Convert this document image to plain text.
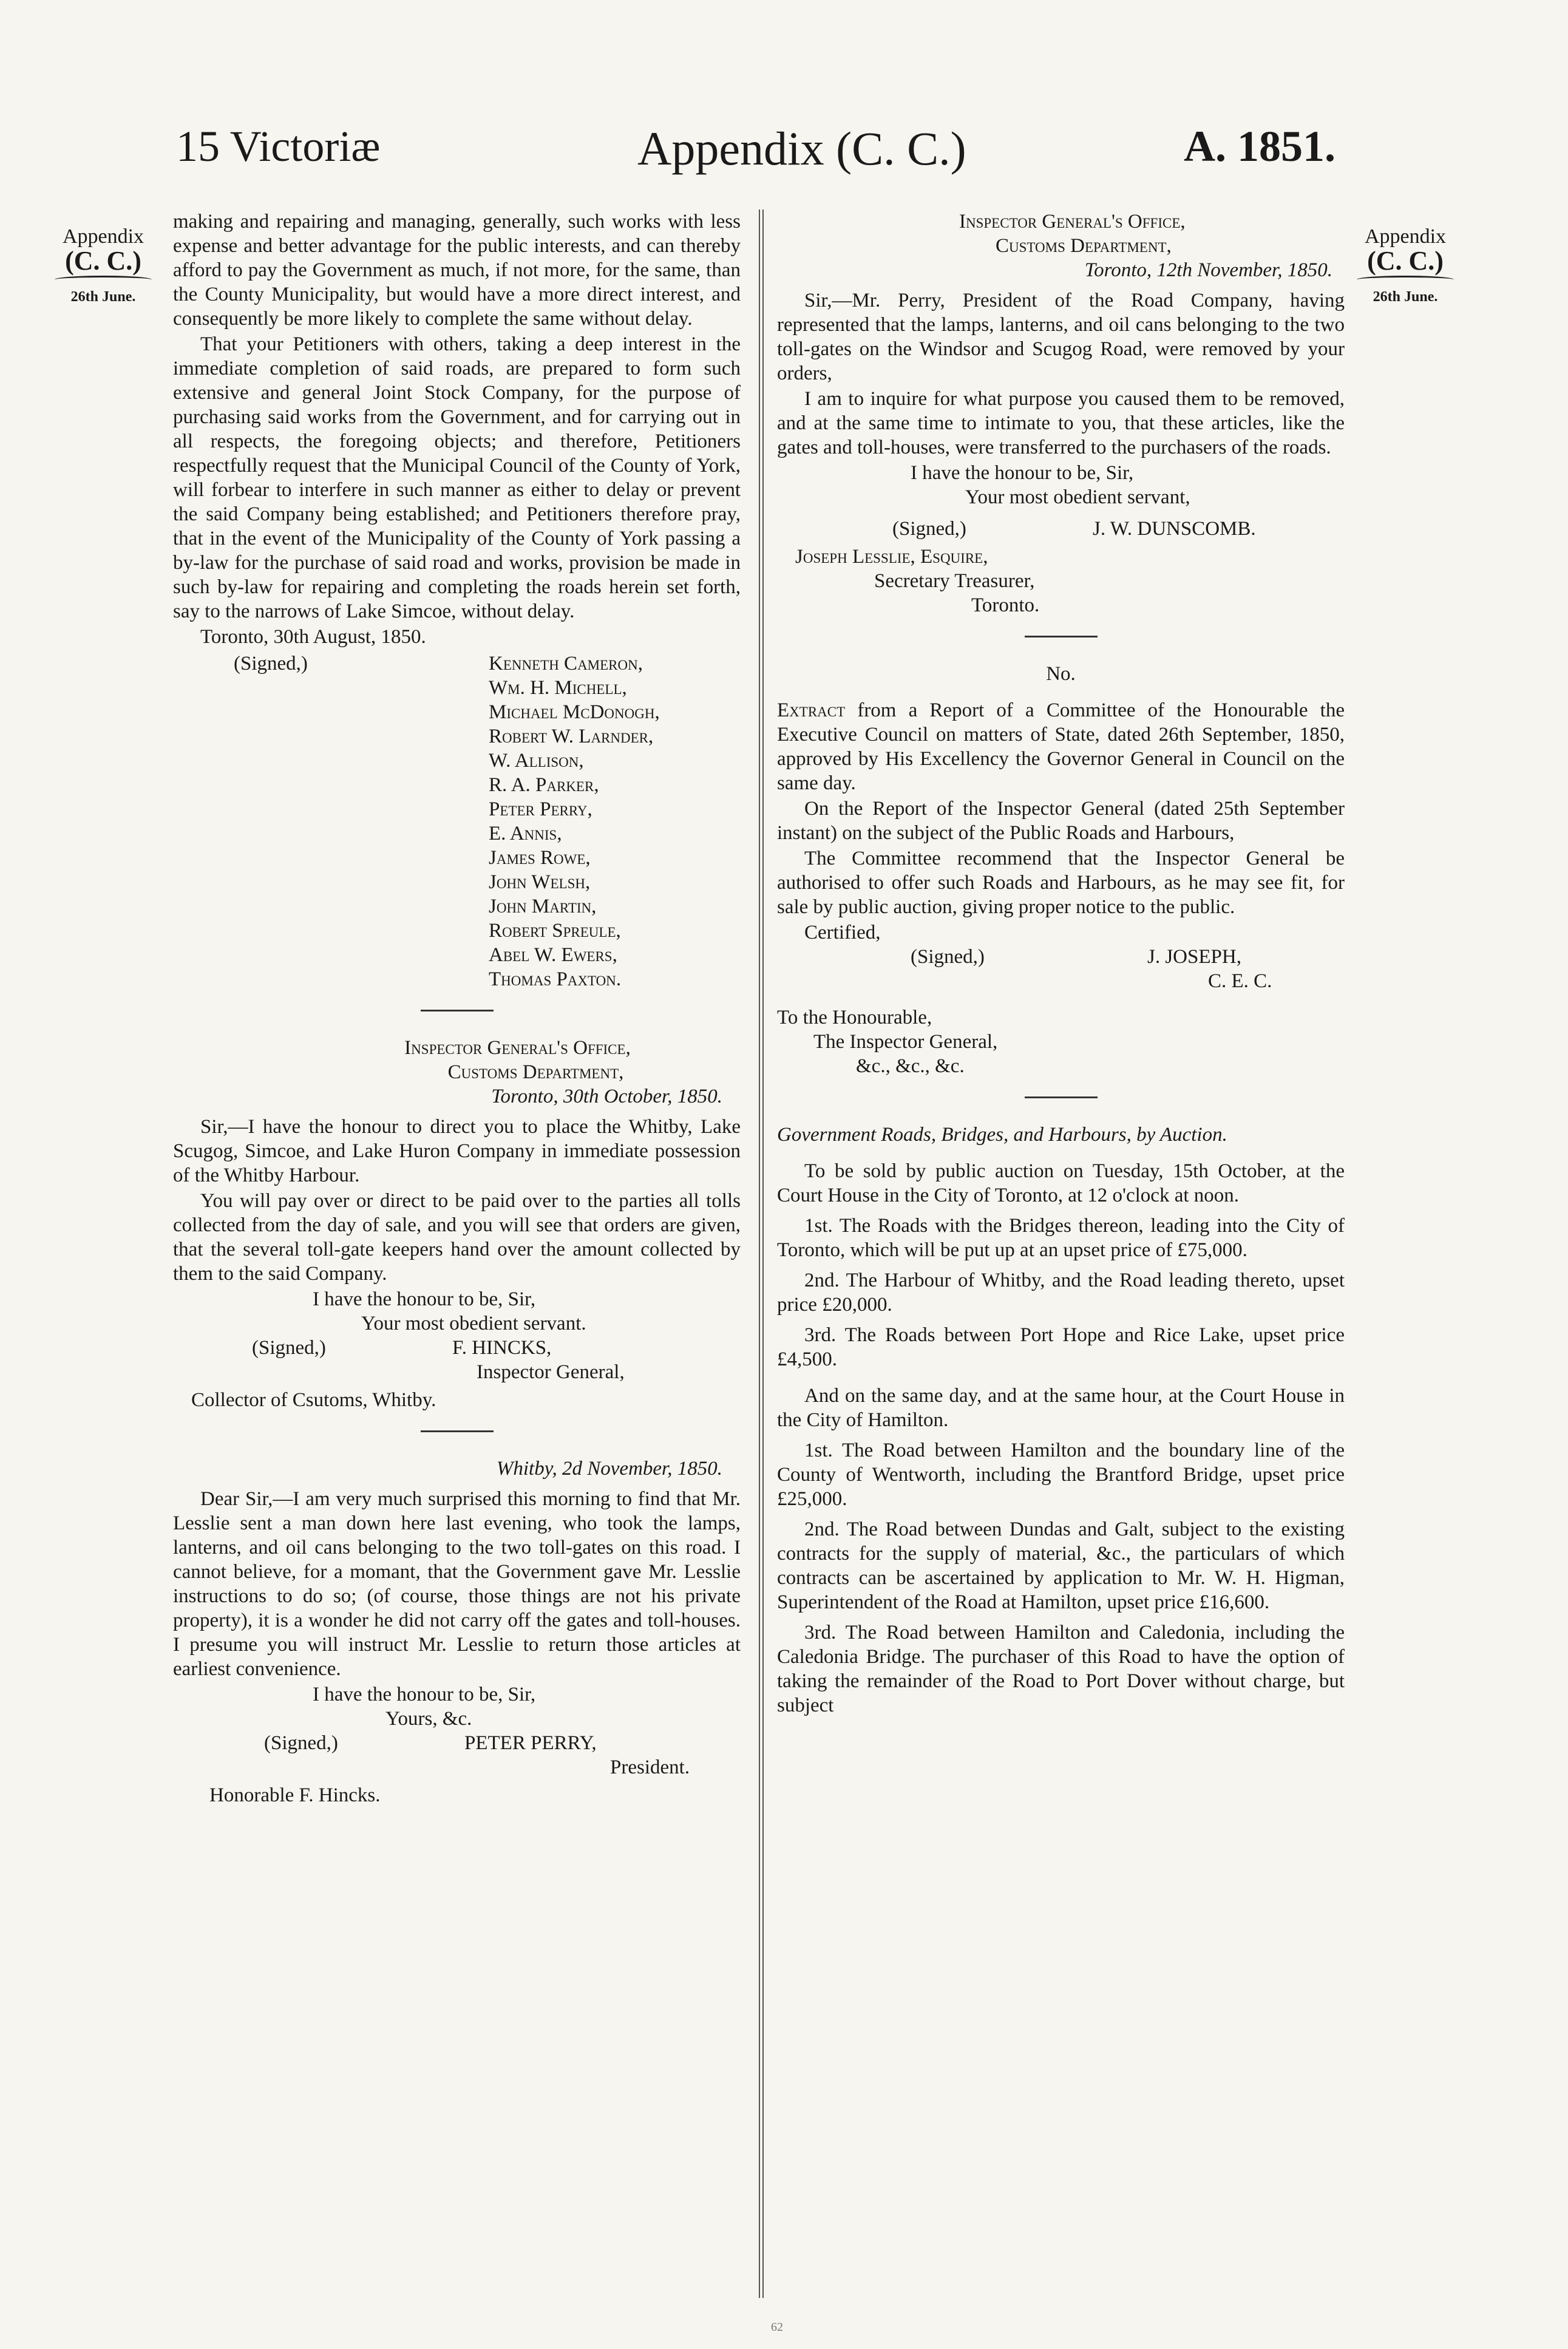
15 Victoriæ	Appendix (C. C.)	A. 1851.
Appendix
(C. C.)
26th June.
Appendix
(C. C.)
26th June.

making and repairing and managing, generally, such works with less expense and better advantage for the public interests, and can thereby afford to pay the Government as much, if not more, for the same, than the County Municipality, but would have a more direct interest, and consequently be more likely to complete the same without delay.

That your Petitioners with others, taking a deep interest in the immediate completion of said roads, are prepared to form such extensive and general Joint Stock Company, for the purpose of purchasing said works from the Government, and for carrying out in all respects, the foregoing objects; and therefore, Petitioners respectfully request that the Municipal Council of the County of York, will forbear to interfere in such manner as either to delay or prevent the said Company being established; and Petitioners therefore pray, that in the event of the Municipality of the County of York passing a by-law for the purchase of said road and works, provision be made in such by-law for repairing and completing the roads herein set forth, say to the narrows of Lake Simcoe, without delay.

Toronto, 30th August, 1850.

(Signed,)	Kenneth Cameron,
Wm. H. Michell,
Michael McDonogh,
Robert W. Larnder,
W. Allison,
R. A. Parker,
Peter Perry,
E. Annis,
James Rowe,
John Welsh,
John Martin,
Robert Spreule,
Abel W. Ewers,
Thomas Paxton.
Inspector General's Office,
Customs Department,
Toronto, 30th October, 1850.

Sir,—I have the honour to direct you to place the Whitby, Lake Scugog, Simcoe, and Lake Huron Company in immediate possession of the Whitby Harbour.

You will pay over or direct to be paid over to the parties all tolls collected from the day of sale, and you will see that orders are given, that the several toll-gate keepers hand over the amount collected by them to the said Company.

I have the honour to be, Sir,
Your most obedient servant.
(Signed,)	F. HINCKS,
Inspector General,
Collector of Csutoms, Whitby.
Whitby, 2d November, 1850.

Dear Sir,—I am very much surprised this morning to find that Mr. Lesslie sent a man down here last evening, who took the lamps, lanterns, and oil cans belonging to the two toll-gates on this road. I cannot believe, for a momant, that the Government gave Mr. Lesslie instructions to do so; (of course, those things are not his private property), it is a wonder he did not carry off the gates and toll-houses. I presume you will instruct Mr. Lesslie to return those articles at earliest convenience.

I have the honour to be, Sir,
Yours, &c.
(Signed,)	PETER PERRY,
President.
Honorable F. Hincks.
Inspector General's Office,
Customs Department,
Toronto, 12th November, 1850.

Sir,—Mr. Perry, President of the Road Company, having represented that the lamps, lanterns, and oil cans belonging to the two toll-gates on the Windsor and Scugog Road, were removed by your orders,

I am to inquire for what purpose you caused them to be removed, and at the same time to intimate to you, that these articles, like the gates and toll-houses, were transferred to the purchasers of the roads.

I have the honour to be, Sir,
Your most obedient servant,
(Signed,)	J. W. DUNSCOMB.
Joseph Lesslie, Esquire,
Secretary Treasurer,
Toronto.
No.

Extract from a Report of a Committee of the Honourable the Executive Council on matters of State, dated 26th September, 1850, approved by His Excellency the Governor General in Council on the same day.

On the Report of the Inspector General (dated 25th September instant) on the subject of the Public Roads and Harbours,

The Committee recommend that the Inspector General be authorised to offer such Roads and Harbours, as he may see fit, for sale by public auction, giving proper notice to the public.

Certified,
(Signed,)	J. JOSEPH,
C. E. C.
To the Honourable,
The Inspector General,
&c., &c., &c.
Government Roads, Bridges, and Harbours, by Auction.

To be sold by public auction on Tuesday, 15th October, at the Court House in the City of Toronto, at 12 o'clock at noon.

1st. The Roads with the Bridges thereon, leading into the City of Toronto, which will be put up at an upset price of £75,000.

2nd. The Harbour of Whitby, and the Road leading thereto, upset price £20,000.

3rd. The Roads between Port Hope and Rice Lake, upset price £4,500.

And on the same day, and at the same hour, at the Court House in the City of Hamilton.

1st. The Road between Hamilton and the boundary line of the County of Wentworth, including the Brantford Bridge, upset price £25,000.

2nd. The Road between Dundas and Galt, subject to the existing contracts for the supply of material, &c., the particulars of which contracts can be ascertained by application to Mr. W. H. Higman, Superintendent of the Road at Hamilton, upset price £16,600.

3rd. The Road between Hamilton and Caledonia, including the Caledonia Bridge. The purchaser of this Road to have the option of taking the remainder of the Road to Port Dover without charge, but subject

62
